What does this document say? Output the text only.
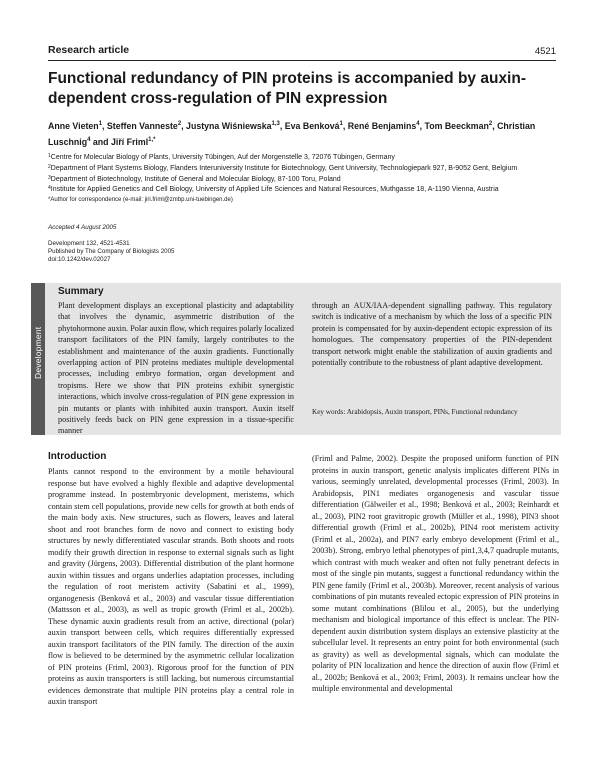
Research article	4521
Functional redundancy of PIN proteins is accompanied by auxin-dependent cross-regulation of PIN expression
Anne Vieten$^1$, Steffen Vanneste$^2$, Justyna Wiśniewska$^{1,3}$, Eva Benková$^1$, René Benjamins$^4$, Tom Beeckman$^2$, Christian Luschnig$^4$ and Jiří Friml$^{1,*}$

$^1$Centre for Molecular Biology of Plants, University Tübingen, Auf der Morgenstelle 3, 72076 Tübingen, Germany

$^2$Department of Plant Systems Biology, Flanders Interuniversity Institute for Biotechnology, Gent University, Technologiepark 927, B-9052 Gent, Belgium

$^3$Department of Biotechnology, Institute of General and Molecular Biology, 87-100 Toru, Poland

$^4$Institute for Applied Genetics and Cell Biology, University of Applied Life Sciences and Natural Resources, Muthgasse 18, A-1190 Vienna, Austria

*Author for correspondence (e-mail: jiri.friml@zmbp.uni-tuebingen.de)

Accepted 4 August 2005
Development 132, 4521-4531
Published by The Company of Biologists 2005
doi:10.1242/dev.02027
Development
Summary
Plant development displays an exceptional plasticity and adaptability that involves the dynamic, asymmetric distribution of the phytohormone auxin. Polar auxin flow, which requires polarly localized transport facilitators of the PIN family, largely contributes to the establishment and maintenance of the auxin gradients. Functionally overlapping action of PIN proteins mediates multiple developmental processes, including embryo formation, organ development and tropisms. Here we show that PIN proteins exhibit synergistic interactions, which involve cross-regulation of PIN gene expression in pin mutants or plants with inhibited auxin transport. Auxin itself positively feeds back on PIN gene expression in a tissue-specific manner
through an AUX/IAA-dependent signalling pathway. This regulatory switch is indicative of a mechanism by which the loss of a specific PIN protein is compensated for by auxin-dependent ectopic expression of its homologues. The compensatory properties of the PIN-dependent transport network might enable the stabilization of auxin gradients and potentially contribute to the robustness of plant adaptive development.
Key words: Arabidopsis, Auxin transport, PINs, Functional redundancy
Introduction
Plants cannot respond to the environment by a motile behavioural response but have evolved a highly flexible and adaptive developmental programme instead. In postembryonic development, meristems, which contain stem cell populations, provide new cells for growth at both ends of the main body axis. New structures, such as flowers, leaves and lateral shoot and root branches form de novo and connect to existing body structures by newly differentiated vascular strands. Both shoots and roots modify their growth direction in response to external signals such as light and gravity (Jürgens, 2003). Differential distribution of the plant hormone auxin within tissues and organs underlies adaptation processes, including the regulation of root meristem activity (Sabatini et al., 1999), organogenesis (Benková et al., 2003) and vascular tissue differentiation (Mattsson et al., 2003), as well as tropic growth (Friml et al., 2002b). These dynamic auxin gradients result from an active, directional (polar) auxin transport between cells, which requires differentially expressed auxin transport facilitators of the PIN family. The direction of the auxin flow is believed to be determined by the asymmetric cellular localization of PIN proteins (Friml, 2003). Rigorous proof for the function of PIN proteins as auxin transporters is still lacking, but numerous circumstantial evidences demonstrate that multiple PIN proteins play a central role in auxin transport
(Friml and Palme, 2002). Despite the proposed uniform function of PIN proteins in auxin transport, genetic analysis implicates different PINs in various, seemingly unrelated, developmental processes (Friml, 2003). In Arabidopsis, PIN1 mediates organogenesis and vascular tissue differentiation (Gälweiler et al., 1998; Benková et al., 2003; Reinhardt et al., 2003), PIN2 root gravitropic growth (Müller et al., 1998), PIN3 shoot differential growth (Friml et al., 2002b), PIN4 root meristem activity (Friml et al., 2002a), and PIN7 early embryo development (Friml et al., 2003b). Strong, embryo lethal phenotypes of pin1,3,4,7 quadruple mutants, which contrast with much weaker and often not fully penetrant defects in most of the single pin mutants, suggest a functional redundancy within the PIN gene family (Friml et al., 2003b). Moreover, recent analysis of various combinations of pin mutants revealed ectopic expression of PIN proteins in some mutant combinations (Blilou et al., 2005), but the underlying mechanism and biological importance of this effect is unclear. The PIN-dependent auxin distribution system displays an extensive plasticity at the subcellular level. It represents an entry point for both environmental (such as gravity) as well as developmental signals, which can modulate the polarity of PIN localization and hence the direction of auxin flow (Friml et al., 2002b; Benková et al., 2003; Friml, 2003). It remains unclear how the multiple environmental and developmental
